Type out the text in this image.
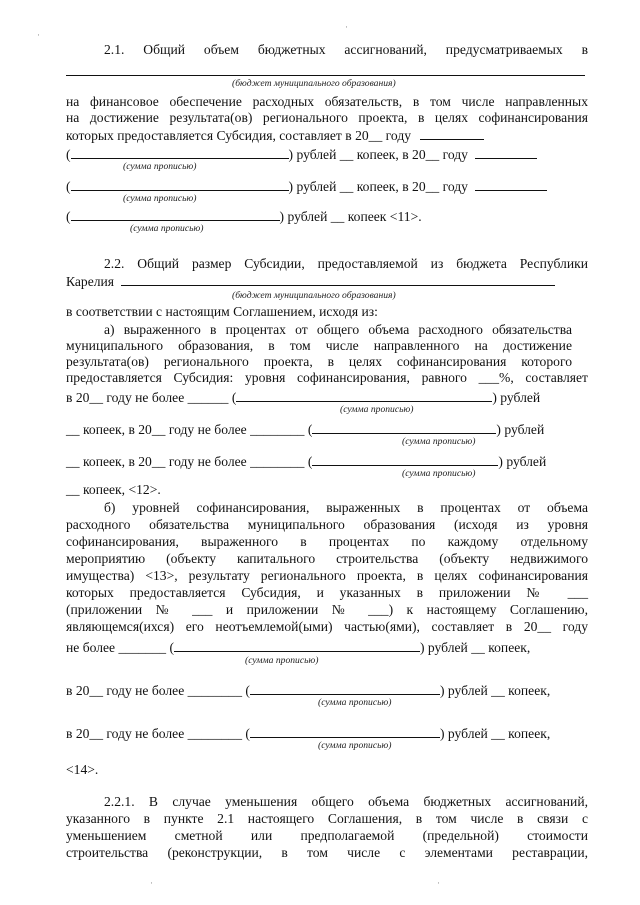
·
·
·	·
2.1. Общий объем бюджетных ассигнований, предусматриваемых в
(бюджет муниципального образования)
на финансовое обеспечение расходных обязательств, в том числе направленных
на достижение результата(ов) регионального проекта, в целях софинансирования
которых предоставляется Субсидия, составляет в 20__ году
(	) рублей __ копеек, в 20__ году
(сумма прописью)
(	) рублей __ копеек, в 20__ году
(сумма прописью)
(	) рублей __ копеек <11>.
(сумма прописью)
2.2. Общий размер Субсидии, предоставляемой из бюджета Республики
Карелия
(бюджет муниципального образования)
в соответствии с настоящим Соглашением, исходя из:
а) выраженного в процентах от общего объема расходного обязательства
муниципального образования, в том числе направленного на достижение
результата(ов) регионального проекта, в целях софинансирования которого
предоставляется Субсидия: уровня софинансирования, равного ___%, составляет
в 20__ году не более ______ (	) рублей
(сумма прописью)
__ копеек, в 20__ году не более ________ (	) рублей
(сумма прописью)
__ копеек, в 20__ году не более ________ (	) рублей
(сумма прописью)
__ копеек, <12>.
б) уровней софинансирования, выраженных в процентах от объема
расходного обязательства муниципального образования (исходя из уровня
софинансирования, выраженного в процентах по каждому отдельному
мероприятию (объекту капитального строительства (объекту недвижимого
имущества) <13>, результату регионального проекта, в целях софинансирования
которых предоставляется Субсидия, и указанных в приложении № ___
(приложении № ___ и приложении № ___) к настоящему Соглашению,
являющемся(ихся) его неотъемлемой(ыми) частью(ями), составляет в 20__ году
не более _______ (	) рублей __ копеек,
(сумма прописью)
в 20__ году не более ________ (	) рублей __ копеек,
(сумма прописью)
в 20__ году не более ________ (	) рублей __ копеек,
(сумма прописью)
<14>.
2.2.1. В случае уменьшения общего объема бюджетных ассигнований,
указанного в пункте 2.1 настоящего Соглашения, в том числе в связи с
уменьшением сметной или предполагаемой (предельной) стоимости
строительства (реконструкции, в том числе с элементами реставрации,
